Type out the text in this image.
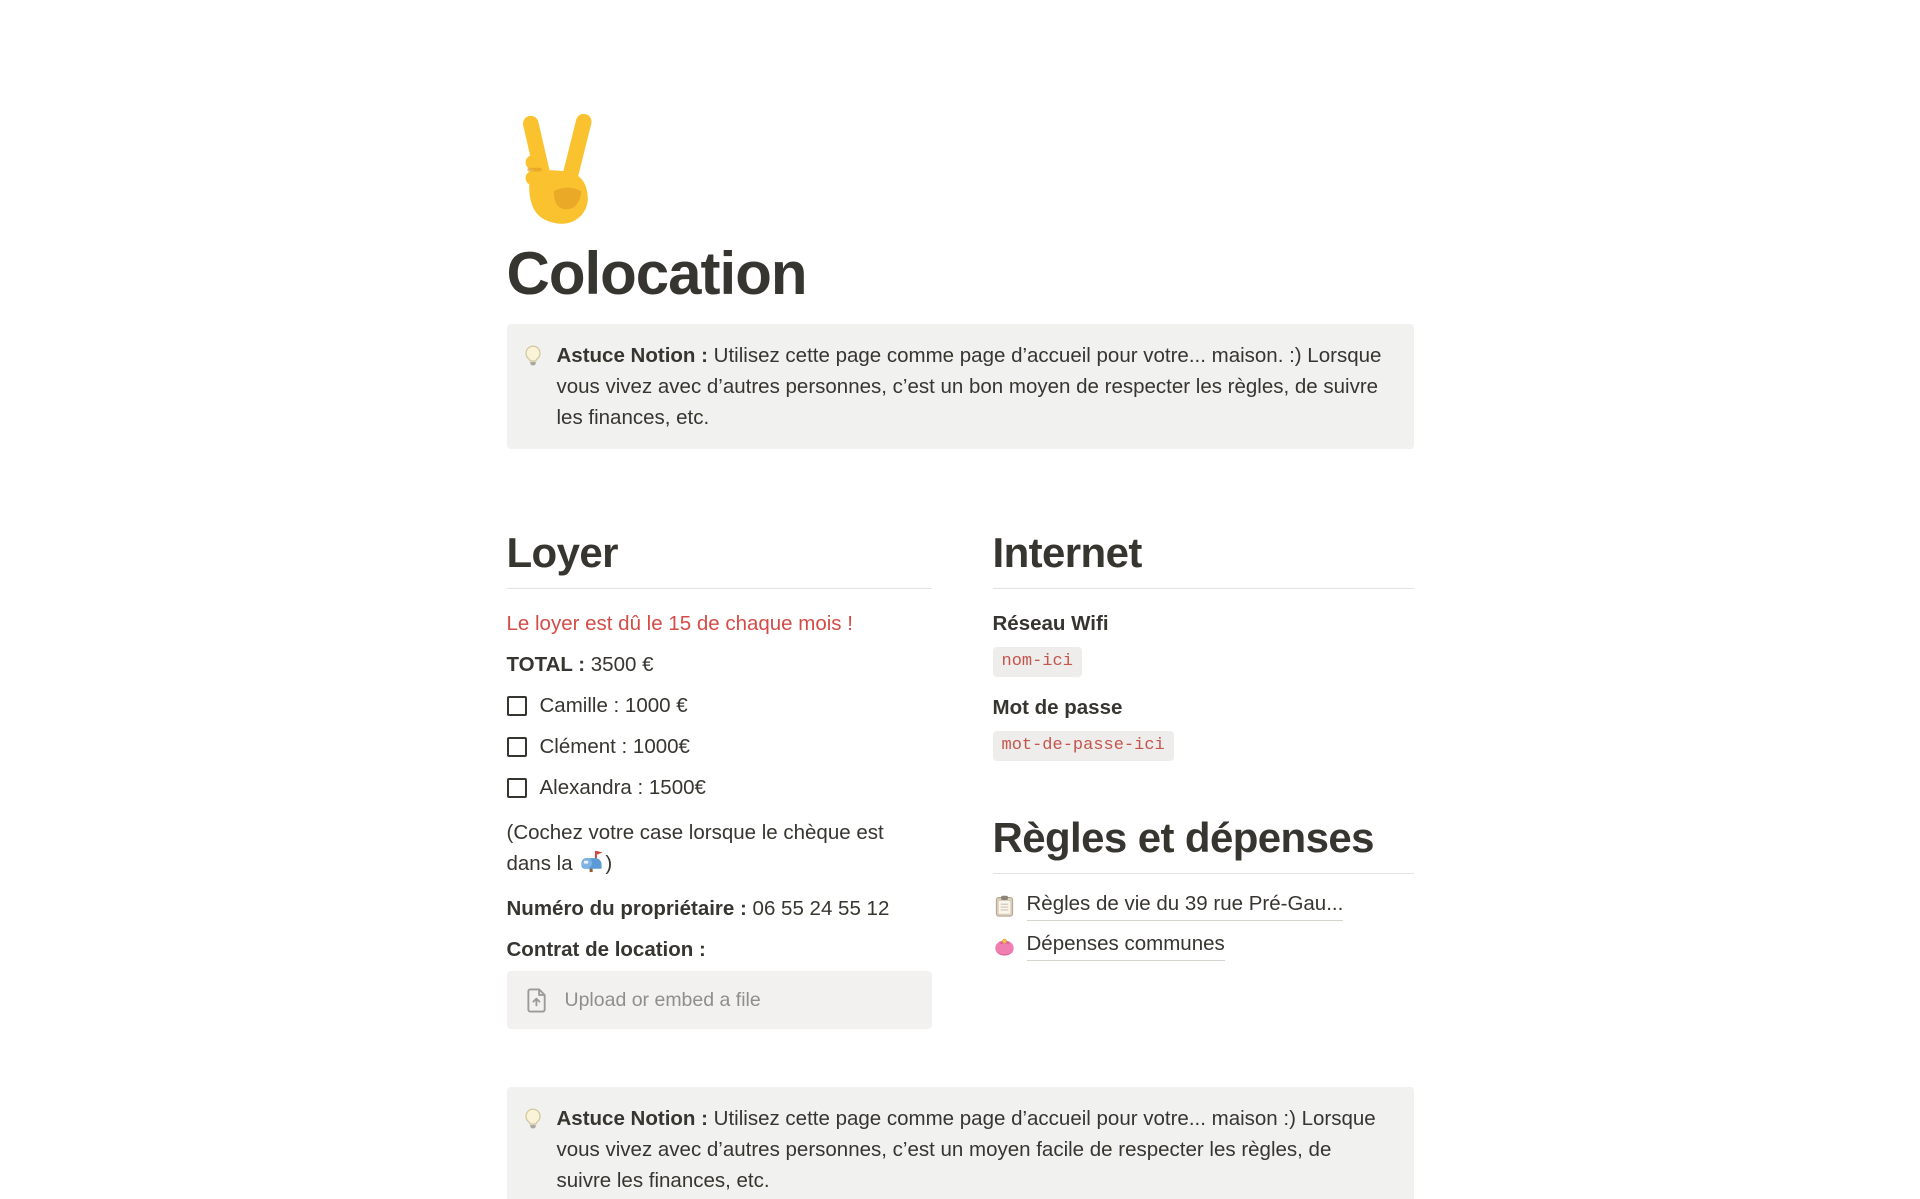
Colocation

Astuce Notion : Utilisez cette page comme page d’accueil pour votre... maison. :) Lorsque vous vivez avec d’autres personnes, c’est un bon moyen de respecter les règles, de suivre les finances, etc.

Loyer

Le loyer est dû le 15 de chaque mois !

TOTAL : 3500 €

Camille : 1000 €
Clément : 1000€
Alexandra : 1500€

(Cochez votre case lorsque le chèque est dans la )

Numéro du propriétaire : 06 55 24 55 12

Contrat de location :

Upload or embed a file
Internet

Réseau Wifi

nom-ici

Mot de passe

mot-de-passe-ici
Règles et dépenses
Règles de vie du 39 rue Pré-Gau...
Dépenses communes

Astuce Notion : Utilisez cette page comme page d’accueil pour votre... maison :) Lorsque vous vivez avec d’autres personnes, c’est un moyen facile de respecter les règles, de suivre les finances, etc.
